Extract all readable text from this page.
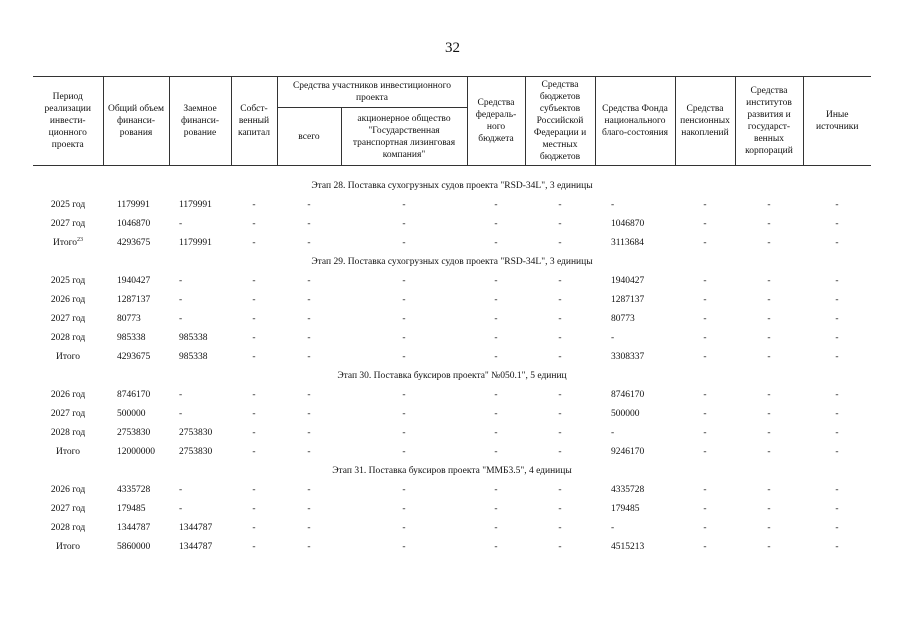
32
Период реализации инвести-ционного проекта	Общий объем финанси-рования	Заемное финанси-рование	Собст-венный капитал	Средства участников инвестиционного проекта		Средства федераль-ного бюджета	Средства бюджетов субъектов Российской Федерации и местных бюджетов	Средства Фонда национального благо-состояния	Средства пенсионных накоплений	Средства институтов развития и государст-венных корпораций	Иные источники
				всего	акционерное общество "Государственная транспортная лизинговая компания"						

Этап 28. Поставка сухогрузных судов проекта "RSD-34L", 3 единицы											
2025 год	1179991	1179991	-	-	-	-	-	-	-	-	-
2027 год	1046870	-	-	-	-	-	-	1046870	-	-	-
Итого$^{23}$	4293675	1179991	-	-	-	-	-	3113684	-	-	-
Этап 29. Поставка сухогрузных судов проекта "RSD-34L", 3 единицы											
2025 год	1940427	-	-	-	-	-	-	1940427	-	-	-
2026 год	1287137	-	-	-	-	-	-	1287137	-	-	-
2027 год	80773	-	-	-	-	-	-	80773	-	-	-
2028 год	985338	985338	-	-	-	-	-	-	-	-	-
Итого	4293675	985338	-	-	-	-	-	3308337	-	-	-
Этап 30. Поставка буксиров проекта" №050.1", 5 единиц											
2026 год	8746170	-	-	-	-	-	-	8746170	-	-	-
2027 год	500000	-	-	-	-	-	-	500000	-	-	-
2028 год	2753830	2753830	-	-	-	-	-	-	-	-	-
Итого	12000000	2753830	-	-	-	-	-	9246170	-	-	-
Этап 31. Поставка буксиров проекта "ММБ3.5", 4 единицы											
2026 год	4335728	-	-	-	-	-	-	4335728	-	-	-
2027 год	179485	-	-	-	-	-	-	179485	-	-	-
2028 год	1344787	1344787	-	-	-	-	-	-	-	-	-
Итого	5860000	1344787	-	-	-	-	-	4515213	-	-	-
